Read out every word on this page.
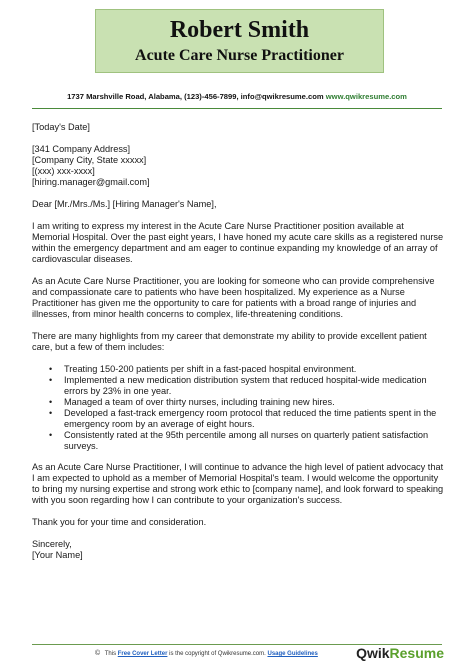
Robert Smith
Acute Care Nurse Practitioner
1737 Marshville Road, Alabama, (123)-456-7899, info@qwikresume.com www.qwikresume.com

[Today's Date]

[341 Company Address]
[Company City, State xxxxx]
[(xxx) xxx-xxxx]
[hiring.manager@gmail.com]

Dear [Mr./Mrs./Ms.] [Hiring Manager's Name],

I am writing to express my interest in the Acute Care Nurse Practitioner position available at Memorial Hospital. Over the past eight years, I have honed my acute care skills as a registered nurse within the emergency department and am eager to continue expanding my knowledge of an array of cardiovascular diseases.

As an Acute Care Nurse Practitioner, you are looking for someone who can provide comprehensive and compassionate care to patients who have been hospitalized. My experience as a Nurse Practitioner has given me the opportunity to care for patients with a broad range of injuries and illnesses, from minor health concerns to complex, life-threatening conditions.

There are many highlights from my career that demonstrate my ability to provide excellent patient care, but a few of them includes:

• Treating 150-200 patients per shift in a fast-paced hospital environment.
• Implemented a new medication distribution system that reduced hospital-wide medication errors by 23% in one year.
• Managed a team of over thirty nurses, including training new hires.
• Developed a fast-track emergency room protocol that reduced the time patients spent in the emergency room by an average of eight hours.
• Consistently rated at the 95th percentile among all nurses on quarterly patient satisfaction surveys.

As an Acute Care Nurse Practitioner, I will continue to advance the high level of patient advocacy that I am expected to uphold as a member of Memorial Hospital's team. I would welcome the opportunity to bring my nursing expertise and strong work ethic to [company name], and look forward to speaking with you soon regarding how I can contribute to your organization's success.

Thank you for your time and consideration.

Sincerely,
[Your Name]

© This Free Cover Letter is the copyright of Qwikresume.com. Usage Guidelines	QwikResume
